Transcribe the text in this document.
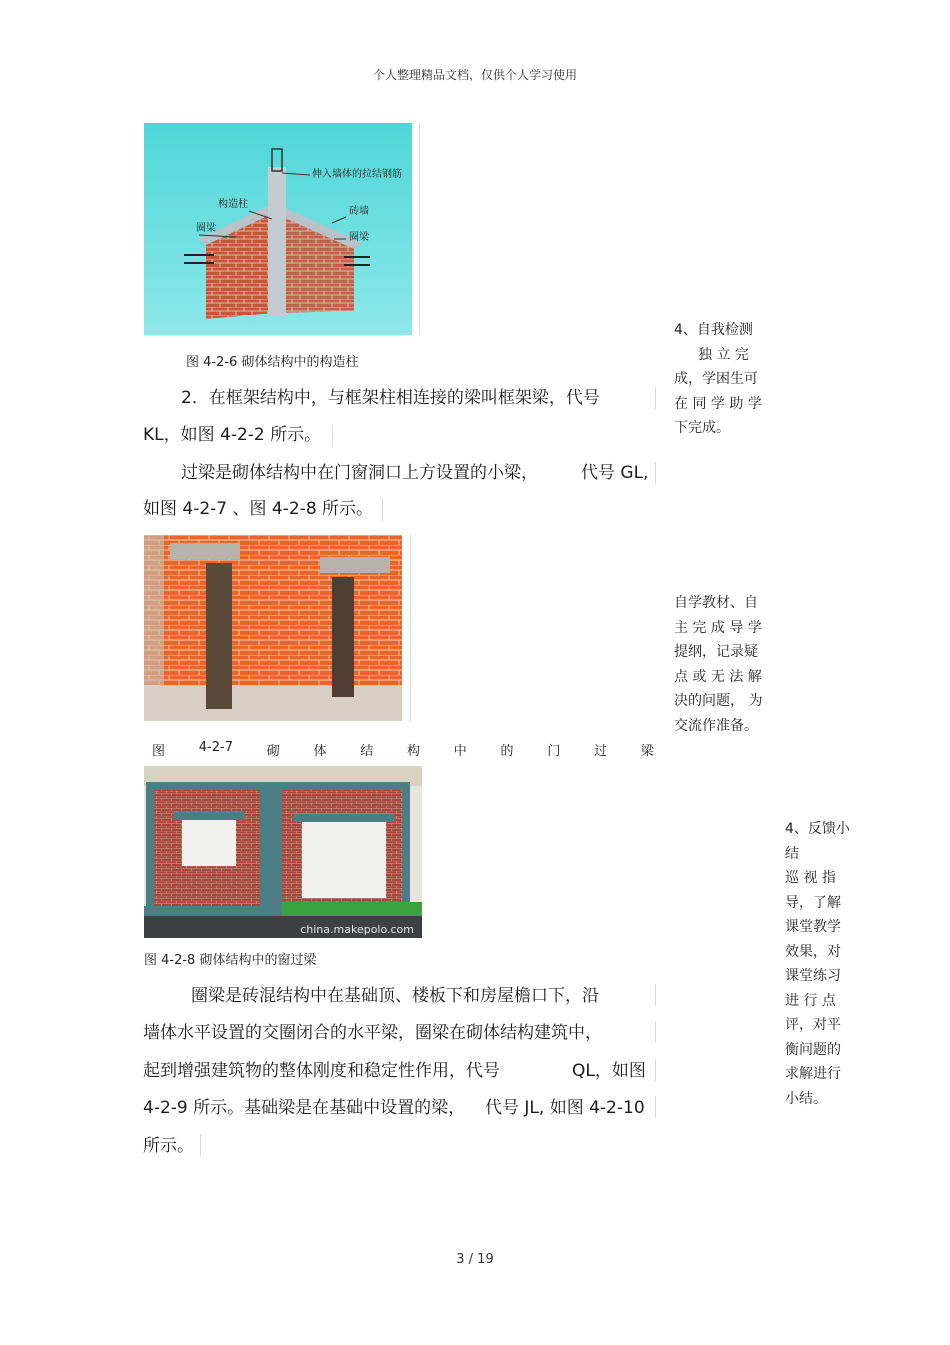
个人整理精品文档，仅供个人学习使用
伸入墙体的拉结钢筋
构造柱
砖墙
圈梁
圈梁
图 4-2-6 砌体结构中的构造柱
2．在框架结构中，与框架柱相连接的梁叫框架梁，代号
KL，如图 4-2-2 所示。
过梁是砌体结构中在门窗洞口上方设置的小梁，	代号 GL,
如图 4-2-7 、图 4-2-8 所示。
图	4-2-7	砌	体	结	构	中	的	门	过	梁
china.makepolo.com
图 4-2-8 砌体结构中的窗过梁
圈梁是砖混结构中在基础顶、楼板下和房屋檐口下，沿
墙体水平设置的交圈闭合的水平梁，圈梁在砌体结构建筑中，
起到增强建筑物的整体刚度和稳定性作用，代号	QL，如图
4-2-9 所示。基础梁是在基础中设置的梁， 代号 JL, 如图 4-2-10
所示。
4、自我检测
独 立 完
成，学困生可
在 同 学 助 学
下完成。
自学教材、自
主 完 成 导 学
提纲，记录疑
点 或 无 法 解
决的问题， 为
交流作准备。
4、反馈小
结
巡 视 指
导，了解
课堂教学
效果，对
课堂练习
进 行 点
评，对平
衡问题的
求解进行
小结。
3 / 19
